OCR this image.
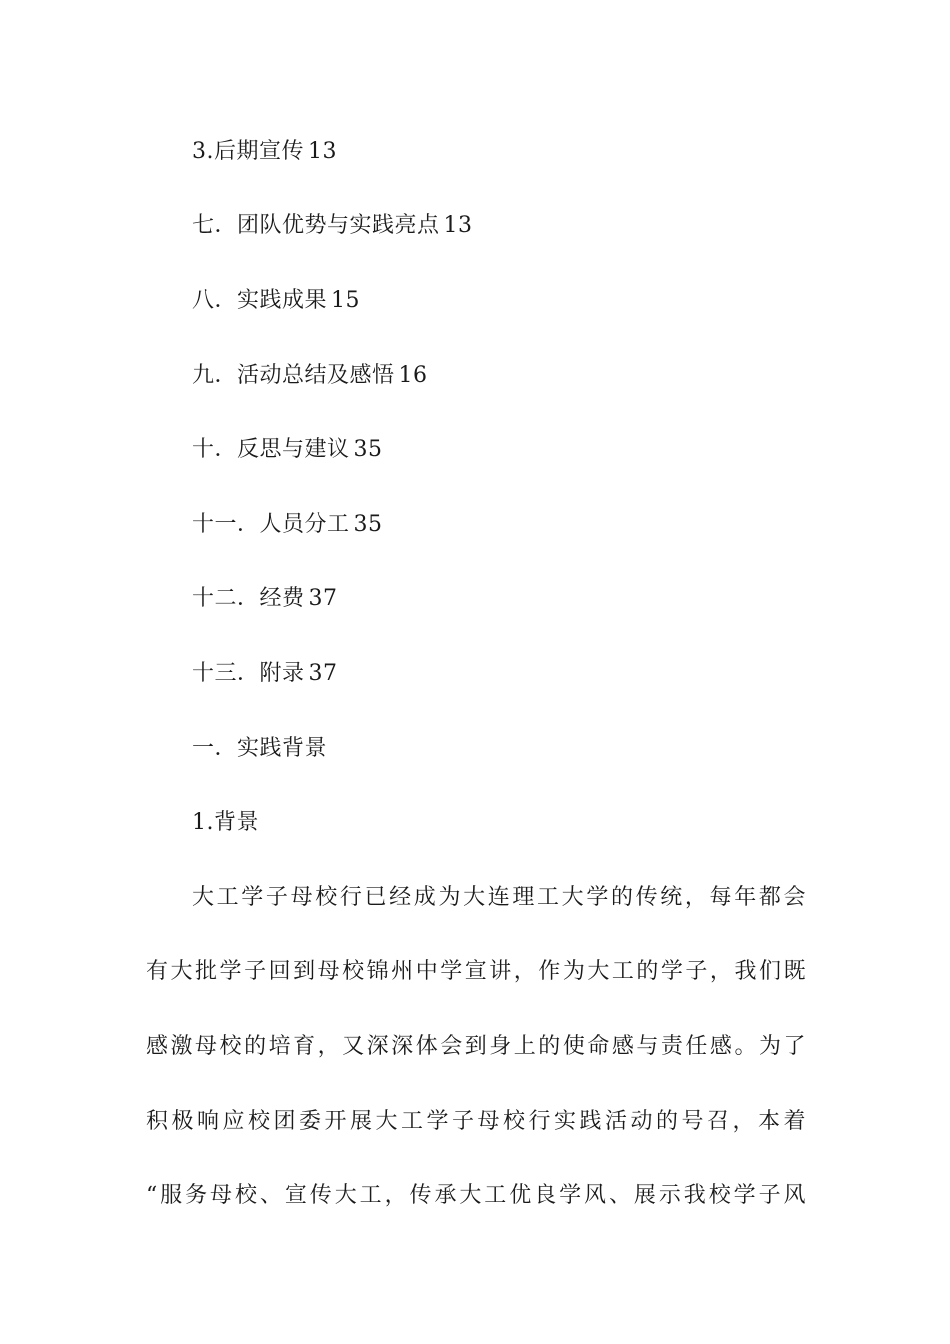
3.后期宣传 13
七．团队优势与实践亮点 13
八．实践成果 15
九．活动总结及感悟 16
十．反思与建议 35
十一．人员分工 35
十二．经费 37
十三．附录 37
一．实践背景
1.背景
大工学子母校行已经成为大连理工大学的传统，每年都会
有大批学子回到母校锦州中学宣讲，作为大工的学子，我们既
感激母校的培育，又深深体会到身上的使命感与责任感。为了
积极响应校团委开展大工学子母校行实践活动的号召，本着
“服务母校、宣传大工，传承大工优良学风、展示我校学子风
